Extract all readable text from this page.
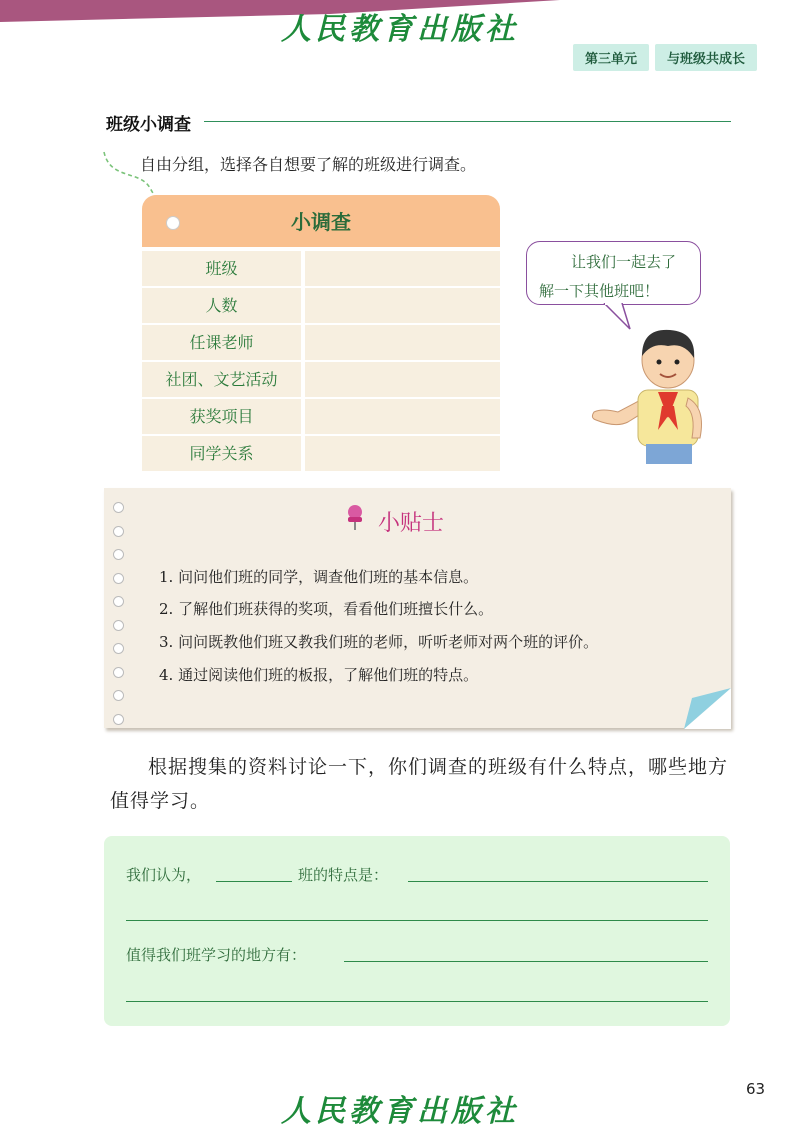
人民教育出版社
第三单元	与班级共成长
班级小调查
自由分组，选择各自想要了解的班级进行调查。
小调查
班级
人数
任课老师
社团、文艺活动
获奖项目
同学关系
让我们一起去了
解一下其他班吧！
小贴士
1. 问问他们班的同学，调查他们班的基本信息。
2. 了解他们班获得的奖项，看看他们班擅长什么。
3. 问问既教他们班又教我们班的老师，听听老师对两个班的评价。
4. 通过阅读他们班的板报，了解他们班的特点。
根据搜集的资料讨论一下，你们调查的班级有什么特点，哪些地方值得学习。
我们认为，	班的特点是：
值得我们班学习的地方有：
63
人民教育出版社
